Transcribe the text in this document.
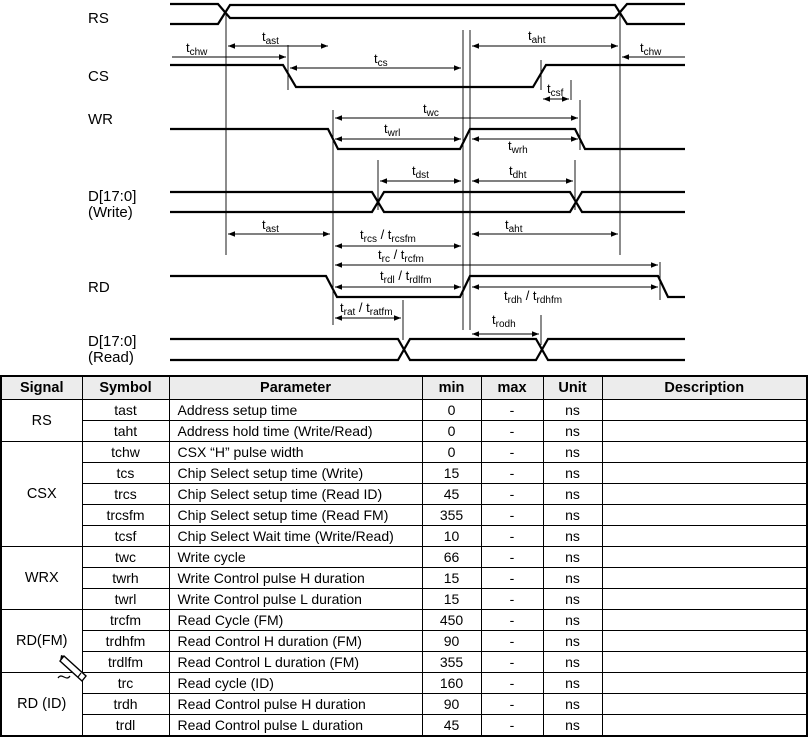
RS
CS
WR
D[17:0]
(Write)
RD
D[17:0]
(Read)
$t_{chw}$
$t_{ast}$
$t_{cs}$
$t_{aht}$	$t_{chw}$
$t_{csf}$
$t_{wc}$
$t_{wrl}$
$t_{wrh}$
$t_{dst}$	$t_{dht}$
$t_{ast}$	$t_{rcs} / t_{rcsfm}$
$t_{aht}$
$t_{rc} / t_{rcfm}$
$t_{rdl} / t_{rdlfm}$
$t_{rdh} / t_{rdhfm}$
$t_{rat} / t_{ratfm}$	$t_{rodh}$
Signal	Symbol	Parameter	min	max	Unit	Description
RS	tast	Address setup time	0	-	ns	
	taht	Address hold time (Write/Read)	0	-	ns	
CSX	tchw	CSX “H” pulse width	0	-	ns	
	tcs	Chip Select setup time (Write)	15	-	ns	
	trcs	Chip Select setup time (Read ID)	45	-	ns	
	trcsfm	Chip Select setup time (Read FM)	355	-	ns	
	tcsf	Chip Select Wait time (Write/Read)	10	-	ns	
WRX	twc	Write cycle	66	-	ns	
	twrh	Write Control pulse H duration	15	-	ns	
	twrl	Write Control pulse L duration	15	-	ns	
RD(FM)	trcfm	Read Cycle (FM)	450	-	ns	
	trdhfm	Read Control H duration (FM)	90	-	ns	
	trdlfm	Read Control L duration (FM)	355	-	ns	
RD (ID)	trc	Read cycle (ID)	160	-	ns	
	trdh	Read Control pulse H duration	90	-	ns	
	trdl	Read Control pulse L duration	45	-	ns	
